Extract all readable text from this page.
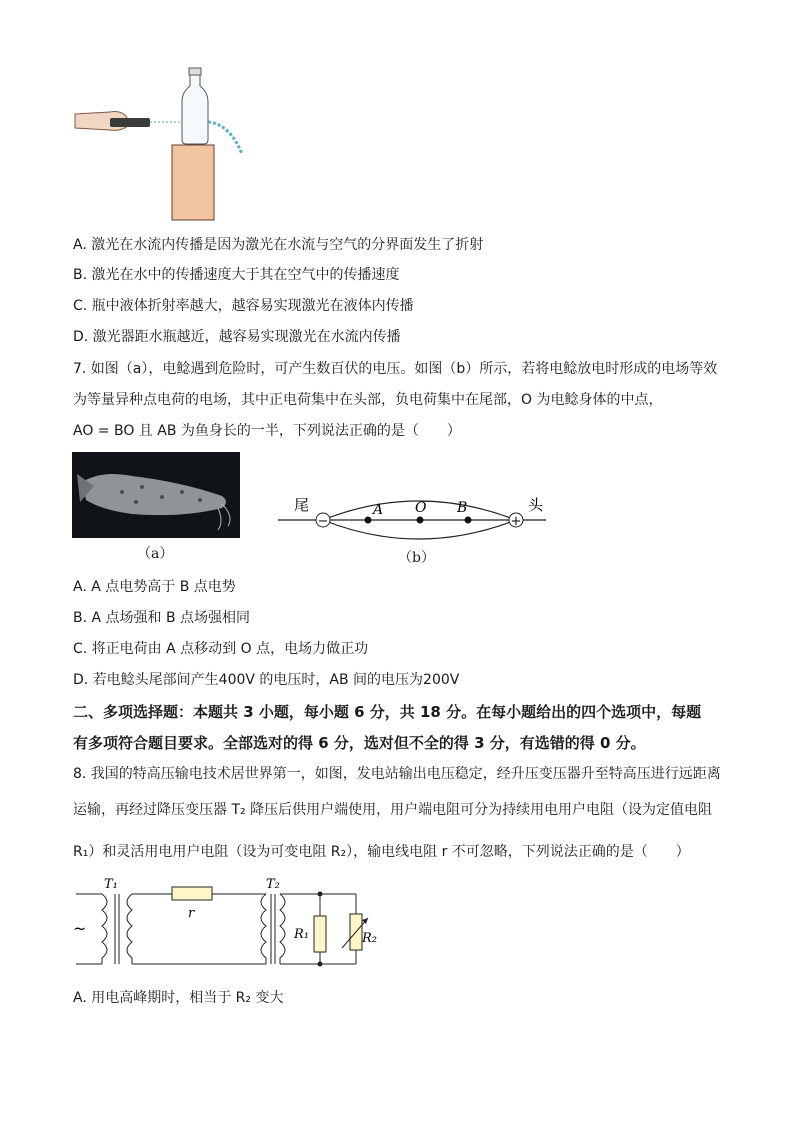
A. 激光在水流内传播是因为激光在水流与空气的分界面发生了折射
B. 激光在水中的传播速度大于其在空气中的传播速度
C. 瓶中液体折射率越大，越容易实现激光在液体内传播
D. 激光器距水瓶越近，越容易实现激光在水流内传播
7. 如图（a），电鲶遇到危险时，可产生数百伏的电压。如图（b）所示，若将电鲶放电时形成的电场等效
为等量异种点电荷的电场，其中正电荷集中在头部，负电荷集中在尾部，O 为电鲶身体的中点，
AO = BO 且 AB 为鱼身长的一半，下列说法正确的是（　　）
（a）
−	+
A O B
尾	头
（b）
A. A 点电势高于 B 点电势
B. A 点场强和 B 点场强相同
C. 将正电荷由 A 点移动到 O 点，电场力做正功
D. 若电鲶头尾部间产生400V 的电压时，AB 间的电压为200V
二、多项选择题：本题共 3 小题，每小题 6 分，共 18 分。在每小题给出的四个选项中，每题
有多项符合题目要求。全部选对的得 6 分，选对但不全的得 3 分，有选错的得 0 分。
8. 我国的特高压输电技术居世界第一，如图，发电站输出电压稳定，经升压变压器升至特高压进行远距离
运输，再经过降压变压器 T₂ 降压后供用户端使用，用户端电阻可分为持续用电用户电阻（设为定值电阻
R₁）和灵活用电用户电阻（设为可变电阻 R₂），输电线电阻 r 不可忽略，下列说法正确的是（　　）
~
T₁
r
T₂
R₁	R₂
A. 用电高峰期时，相当于 R₂ 变大
